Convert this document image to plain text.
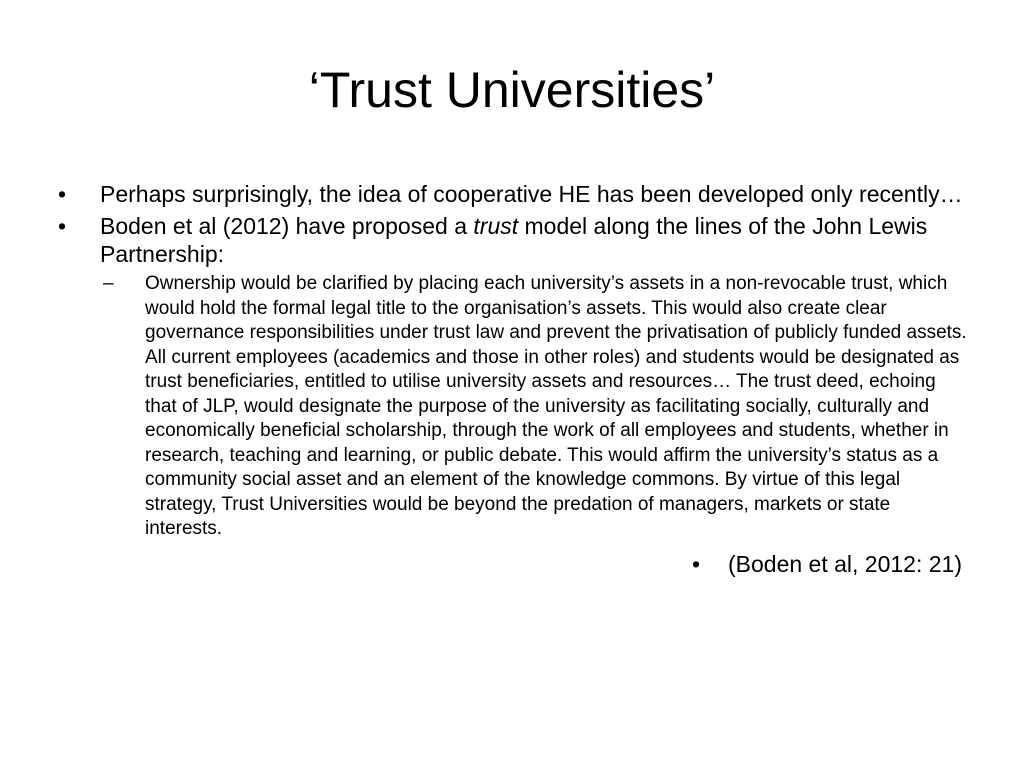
‘Trust Universities’
• Perhaps surprisingly, the idea of cooperative HE has been developed only recently…
• Boden et al (2012) have proposed a trust model along the lines of the John Lewis Partnership:
– Ownership would be clarified by placing each university’s assets in a non-revocable trust, which would hold the formal legal title to the organisation’s assets. This would also create clear governance responsibilities under trust law and prevent the privatisation of publicly funded assets. All current employees (academics and those in other roles) and students would be designated as trust beneficiaries, entitled to utilise university assets and resources… The trust deed, echoing that of JLP, would designate the purpose of the university as facilitating socially, culturally and economically beneficial scholarship, through the work of all employees and students, whether in research, teaching and learning, or public debate. This would affirm the university’s status as a community social asset and an element of the knowledge commons. By virtue of this legal strategy, Trust Universities would be beyond the predation of managers, markets or state interests.
• (Boden et al, 2012: 21)
